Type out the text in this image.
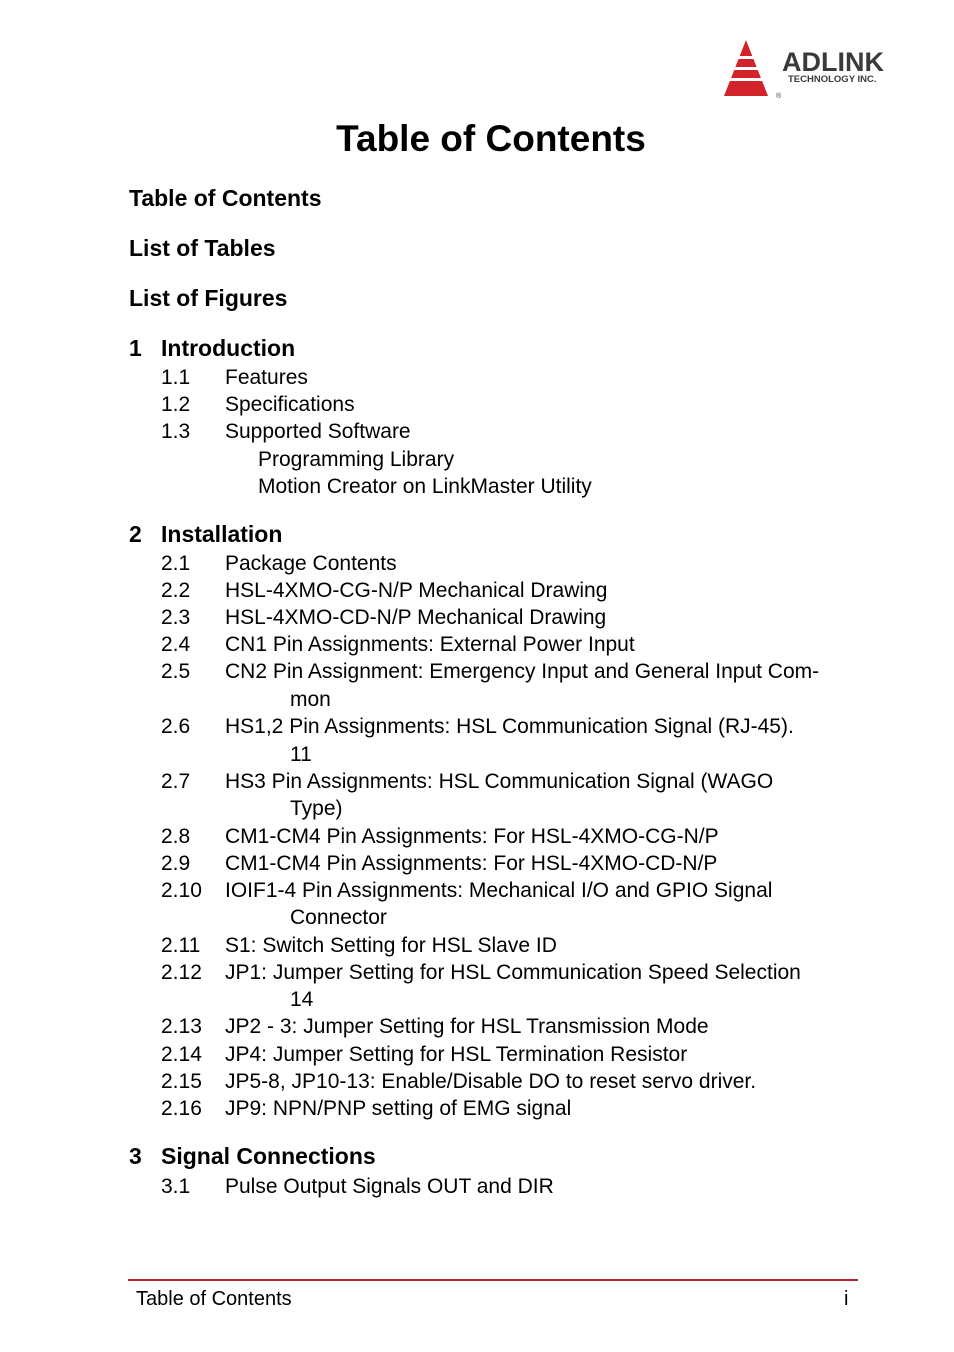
ADLINK
TECHNOLOGY INC.
®
Table of Contents
Table of Contents
List of Tables
List of Figures
1 Introduction
1.1 Features
1.2 Specifications
1.3 Supported Software
Programming Library
Motion Creator on LinkMaster Utility
2 Installation
2.1 Package Contents
2.2 HSL-4XMO-CG-N/P Mechanical Drawing
2.3 HSL-4XMO-CD-N/P Mechanical Drawing
2.4 CN1 Pin Assignments: External Power Input
2.5 CN2 Pin Assignment: Emergency Input and General Input Com-
mon
2.6 HS1,2 Pin Assignments: HSL Communication Signal (RJ-45).
11
2.7 HS3 Pin Assignments: HSL Communication Signal (WAGO
Type)
2.8 CM1-CM4 Pin Assignments: For HSL-4XMO-CG-N/P
2.9 CM1-CM4 Pin Assignments: For HSL-4XMO-CD-N/P
2.10 IOIF1-4 Pin Assignments: Mechanical I/O and GPIO Signal
Connector
2.11 S1: Switch Setting for HSL Slave ID
2.12 JP1: Jumper Setting for HSL Communication Speed Selection
14
2.13 JP2 - 3: Jumper Setting for HSL Transmission Mode
2.14 JP4: Jumper Setting for HSL Termination Resistor
2.15 JP5-8, JP10-13: Enable/Disable DO to reset servo driver.
2.16 JP9: NPN/PNP setting of EMG signal
3 Signal Connections
3.1 Pulse Output Signals OUT and DIR
Table of Contents	i
